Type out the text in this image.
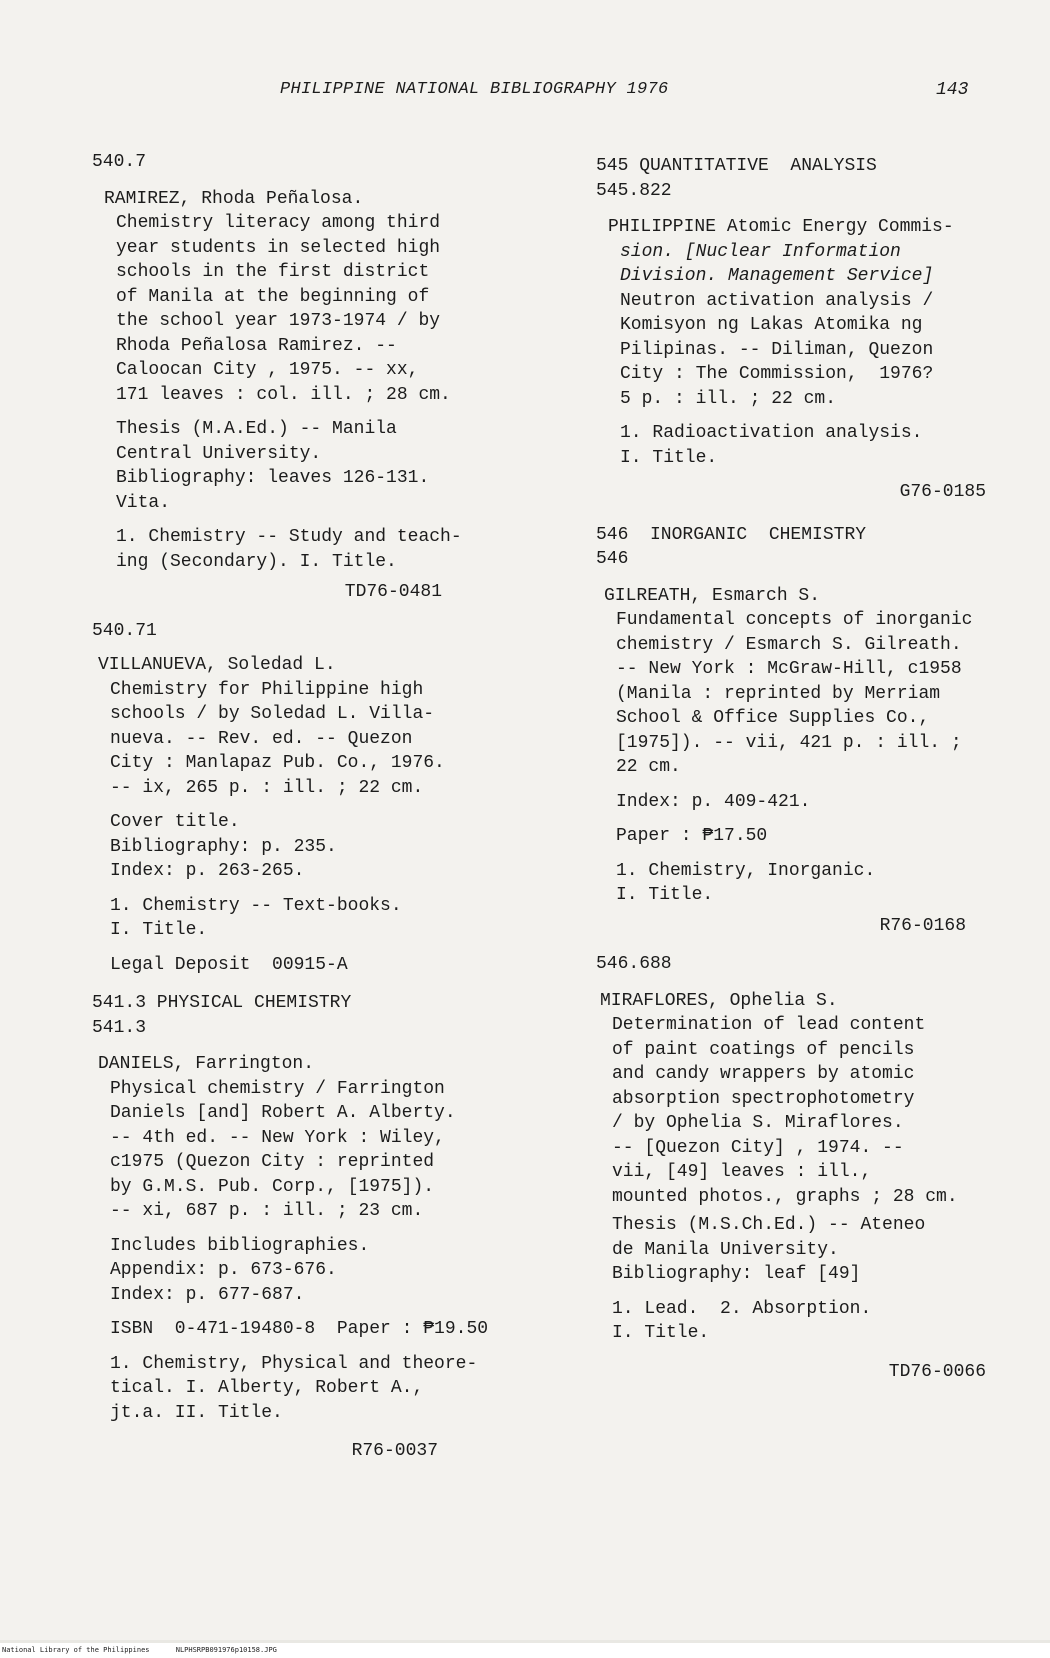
PHILIPPINE NATIONAL BIBLIOGRAPHY 1976	143
540.7
RAMIREZ, Rhoda Peñalosa.
Chemistry literacy among third
year students in selected high
schools in the first district
of Manila at the beginning of
the school year 1973-1974 / by
Rhoda Peñalosa Ramirez. --
Caloocan City , 1975. -- xx,
171 leaves : col. ill. ; 28 cm.
Thesis (M.A.Ed.) -- Manila
Central University.
Bibliography: leaves 126-131.
Vita.
1. Chemistry -- Study and teach-
ing (Secondary). I. Title.
TD76-0481
540.71
VILLANUEVA, Soledad L.
Chemistry for Philippine high
schools / by Soledad L. Villa-
nueva. -- Rev. ed. -- Quezon
City : Manlapaz Pub. Co., 1976.
-- ix, 265 p. : ill. ; 22 cm.
Cover title.
Bibliography: p. 235.
Index: p. 263-265.
1. Chemistry -- Text-books.
I. Title.
Legal Deposit  00915-A
541.3 PHYSICAL CHEMISTRY
541.3
DANIELS, Farrington.
Physical chemistry / Farrington
Daniels [and] Robert A. Alberty.
-- 4th ed. -- New York : Wiley,
c1975 (Quezon City : reprinted
by G.M.S. Pub. Corp., [1975]).
-- xi, 687 p. : ill. ; 23 cm.
Includes bibliographies.
Appendix: p. 673-676.
Index: p. 677-687.
ISBN  0-471-19480-8  Paper : ₱19.50
1. Chemistry, Physical and theore-
tical. I. Alberty, Robert A.,
jt.a. II. Title.
R76-0037
545 QUANTITATIVE  ANALYSIS
545.822
PHILIPPINE Atomic Energy Commis-
sion. [Nuclear Information
Division. Management Service]
Neutron activation analysis /
Komisyon ng Lakas Atomika ng
Pilipinas. -- Diliman, Quezon
City : The Commission,  1976?
5 p. : ill. ; 22 cm.
1. Radioactivation analysis.
I. Title.
G76-0185
546  INORGANIC  CHEMISTRY
546
GILREATH, Esmarch S.
Fundamental concepts of inorganic
chemistry / Esmarch S. Gilreath.
-- New York : McGraw-Hill, c1958
(Manila : reprinted by Merriam
School & Office Supplies Co.,
[1975]). -- vii, 421 p. : ill. ;
22 cm.
Index: p. 409-421.
Paper : ₱17.50
1. Chemistry, Inorganic.
I. Title.
R76-0168
546.688
MIRAFLORES, Ophelia S.
Determination of lead content
of paint coatings of pencils
and candy wrappers by atomic
absorption spectrophotometry
/ by Ophelia S. Miraflores.
-- [Quezon City] , 1974. --
vii, [49] leaves : ill.,
mounted photos., graphs ; 28 cm.
Thesis (M.S.Ch.Ed.) -- Ateneo
de Manila University.
Bibliography: leaf [49]
1. Lead.  2. Absorption.
I. Title.
TD76-0066
National Library of the Philippines	NLPHSRPB091976p10158.JPG
